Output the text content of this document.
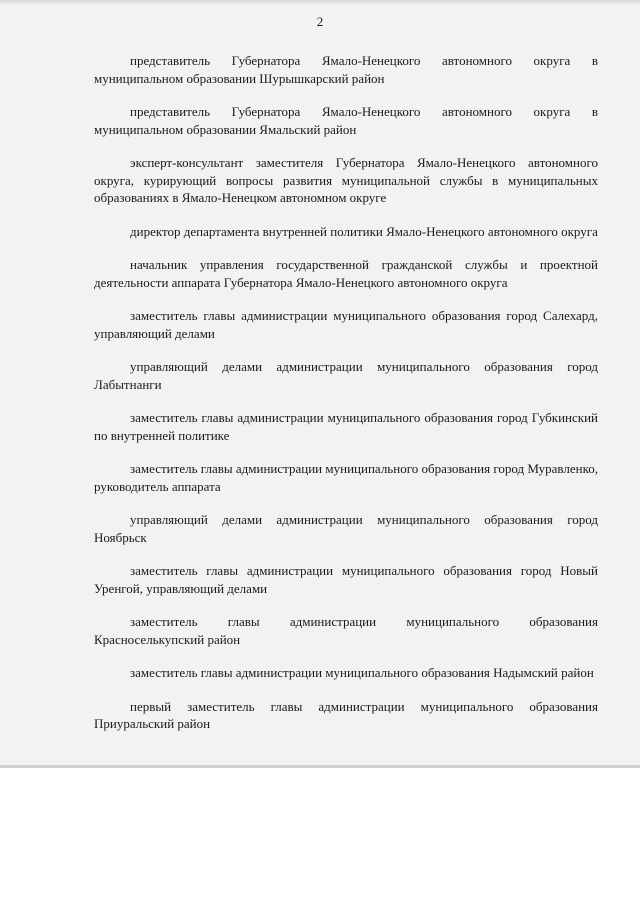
2

представитель Губернатора Ямало-Ненецкого автономного округа в муниципальном образовании Шурышкарский район

представитель Губернатора Ямало-Ненецкого автономного округа в муниципальном образовании Ямальский район

эксперт-консультант заместителя Губернатора Ямало-Ненецкого автономного округа, курирующий вопросы развития муниципальной службы в муниципальных образованиях в Ямало-Ненецком автономном округе

директор департамента внутренней политики Ямало-Ненецкого автономного округа

начальник управления государственной гражданской службы и проектной деятельности аппарата Губернатора Ямало-Ненецкого автономного округа

заместитель главы администрации муниципального образования город Салехард, управляющий делами

управляющий делами администрации муниципального образования город Лабытнанги

заместитель главы администрации муниципального образования город Губкинский по внутренней политике

заместитель главы администрации муниципального образования город Муравленко, руководитель аппарата

управляющий делами администрации муниципального образования город Ноябрьск

заместитель главы администрации муниципального образования город Новый Уренгой, управляющий делами

заместитель главы администрации муниципального образования Красноселькупский район

заместитель главы администрации муниципального образования Надымский район

первый заместитель главы администрации муниципального образования Приуральский район
